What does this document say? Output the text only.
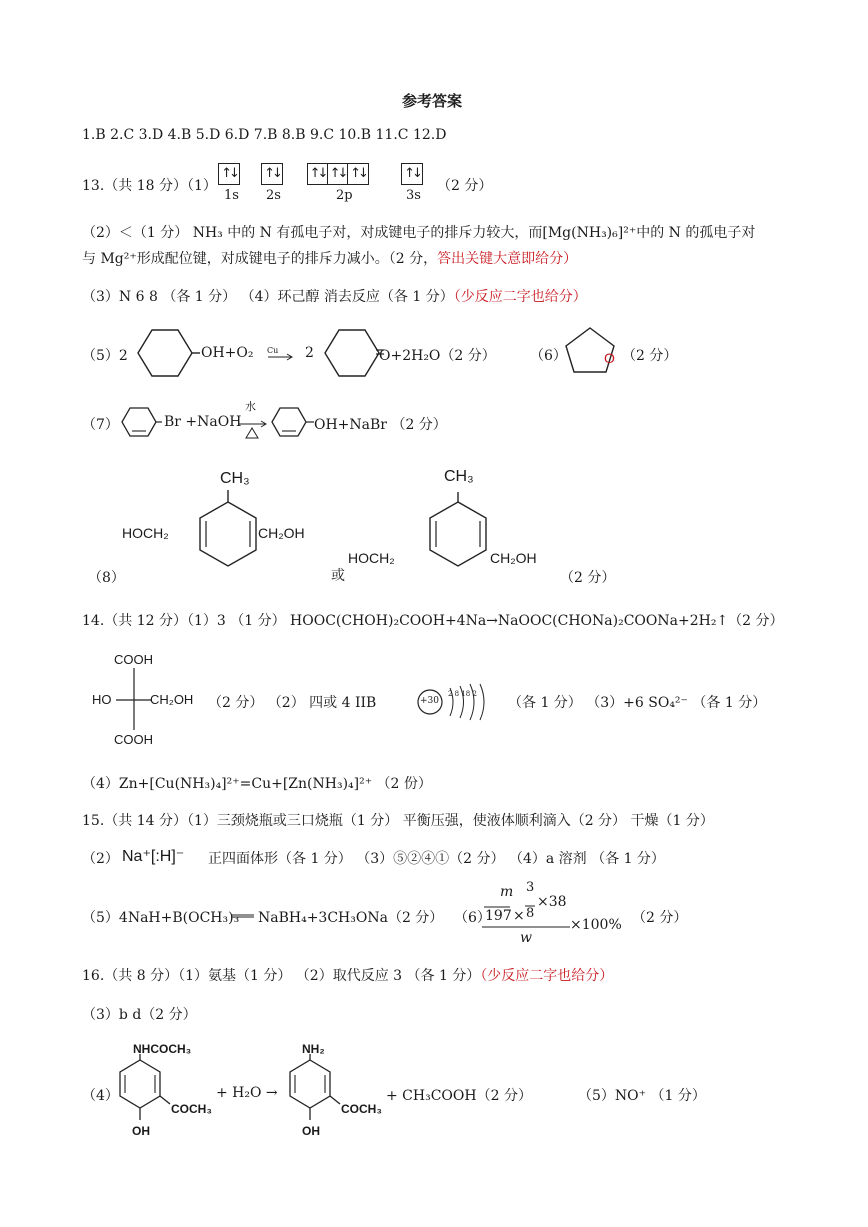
参考答案
1.B 2.C 3.D 4.B 5.D 6.D 7.B 8.B 9.C 10.B 11.C 12.D
13.（共 18 分）（1）
↑↓ ↑↓ ↑↓ ↑↓ ↑↓	↑↓
1s 2s	2p	3s
（2 分）
（2）＜（1 分） NH₃ 中的 N 有孤电子对，对成键电子的排斥力较大，而[Mg(NH₃)₆]²⁺中的 N 的孤电子对
与 Mg²⁺形成配位键，对成键电子的排斥力减小。（2 分，答出关键大意即给分）
（3）N 6 8 （各 1 分） （4）环己醇 消去反应（各 1 分）（少反应二字也给分）
（5）2	OH+O₂ Cu 2	O+2H₂O（2 分） （6）	O （2 分）
（7）	Br +NaOH
水
OH+NaBr （2 分）
（8）
CH₃
HOCH₂	CH₂OH
或
CH₃
HOCH₂	CH₂OH
（2 分）
14.（共 12 分）（1）3 （1 分） HOOC(CHOH)₂COOH+4Na→NaOOC(CHONa)₂COONa+2H₂↑（2 分）
COOH
HO	CH₂OH
COOH
（2 分） （2） 四或 4 IIB	+30
2 8 18 2
（各 1 分） （3）+6 SO₄²⁻ （各 1 分）
（4）Zn+[Cu(NH₃)₄]²⁺=Cu+[Zn(NH₃)₄]²⁺ （2 份）
15.（共 14 分）（1）三颈烧瓶或三口烧瓶（1 分） 平衡压强，使液体顺利滴入（2 分） 干燥（1 分）
（2） Na⁺[:H]⁻ 正四面体形（各 1 分） （3）⑤②④①（2 分） （4）a 溶剂 （各 1 分）
（5）4NaH+B(OCH₃)₃ NaBH₄+3CH₃ONa（2 分） （6）
m 3
×38
197 × 8
w
×100% （2 分）
16.（共 8 分）（1）氨基（1 分） （2）取代反应 3 （各 1 分）（少反应二字也给分）
（3）b d（2 分）
（4）
NHCOCH₃
OH
COCH₃
+ H₂O →
NH₂
OH
COCH₃
+ CH₃COOH（2 分）	（5）NO⁺ （1 分）
